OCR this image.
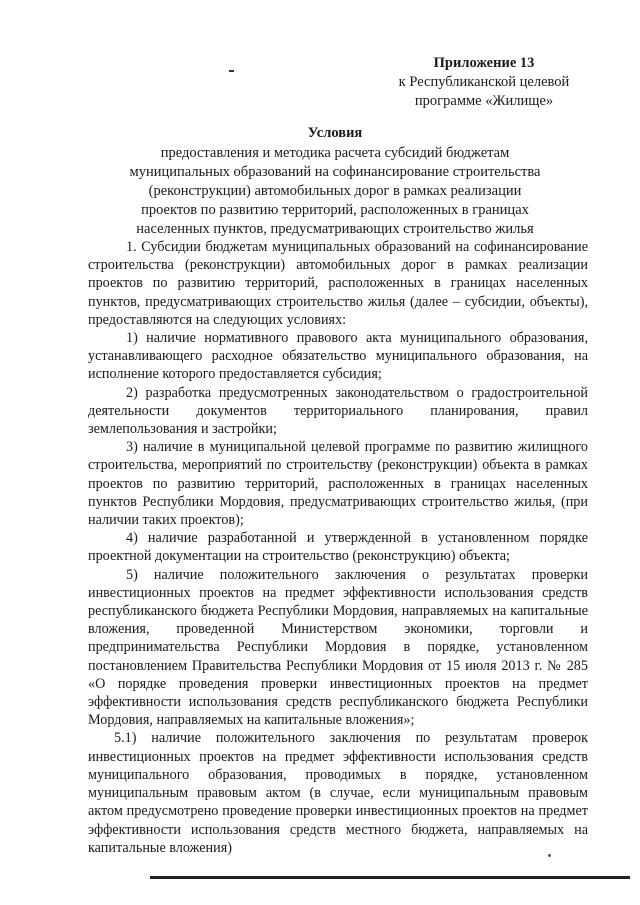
Приложение 13
к Республиканской целевой
программе «Жилище»
Условия
предоставления и методика расчета субсидий бюджетам
муниципальных образований на софинансирование строительства
(реконструкции) автомобильных дорог в рамках реализации
проектов по развитию территорий, расположенных в границах
населенных пунктов, предусматривающих строительство жилья

1. Субсидии бюджетам муниципальных образований на софинансирование строительства (реконструкции) автомобильных дорог в рамках реализации проектов по развитию территорий, расположенных в границах населенных пунктов, предусматривающих строительство жилья (далее – субсидии, объекты), предоставляются на следующих условиях:

1) наличие нормативного правового акта муниципального образования, устанавливающего расходное обязательство муниципального образования, на исполнение которого предоставляется субсидия;

2) разработка предусмотренных законодательством о градостроительной деятельности документов территориального планирования, правил землепользования и застройки;

3) наличие в муниципальной целевой программе по развитию жилищного строительства, мероприятий по строительству (реконструкции) объекта в рамках проектов по развитию территорий, расположенных в границах населенных пунктов Республики Мордовия, предусматривающих строительство жилья, (при наличии таких проектов);

4) наличие разработанной и утвержденной в установленном порядке проектной документации на строительство (реконструкцию) объекта;

5) наличие положительного заключения о результатах проверки инвестиционных проектов на предмет эффективности использования средств республиканского бюджета Республики Мордовия, направляемых на капитальные вложения, проведенной Министерством экономики, торговли и предпринимательства Республики Мордовия в порядке, установленном постановлением Правительства Республики Мордовия от 15 июля 2013 г. № 285 «О порядке проведения проверки инвестиционных проектов на предмет эффективности использования средств республиканского бюджета Республики Мордовия, направляемых на капитальные вложения»;

5.1) наличие положительного заключения по результатам проверок инвестиционных проектов на предмет эффективности использования средств муниципального образования, проводимых в порядке, установленном муниципальным правовым актом (в случае, если муниципальным правовым актом предусмотрено проведение проверки инвестиционных проектов на предмет эффективности использования средств местного бюджета, направляемых на капитальные вложения)
